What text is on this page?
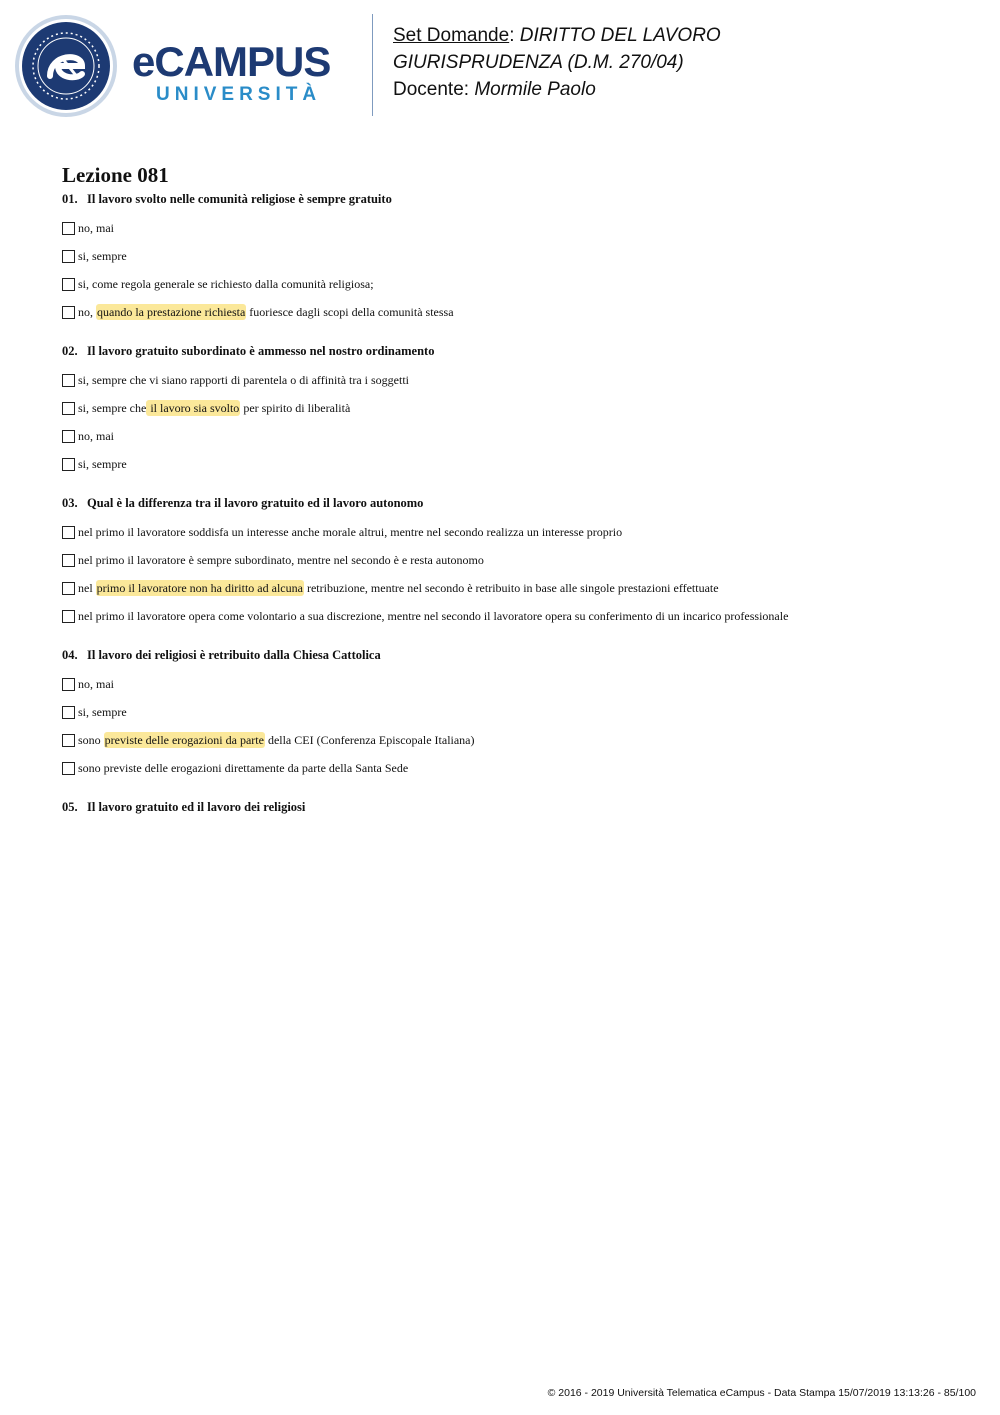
eCAMPUS
UNIVERSITÀ
Set Domande: DIRITTO DEL LAVORO
GIURISPRUDENZA (D.M. 270/04)
Docente: Mormile Paolo
Lezione 081
01. Il lavoro svolto nelle comunità religiose è sempre gratuito
no, mai
si, sempre
si, come regola generale se richiesto dalla comunità religiosa;
no, quando la prestazione richiesta fuoriesce dagli scopi della comunità stessa
02. Il lavoro gratuito subordinato è ammesso nel nostro ordinamento
si, sempre che vi siano rapporti di parentela o di affinità tra i soggetti
si, sempre che il lavoro sia svolto per spirito di liberalità
no, mai
si, sempre
03. Qual è la differenza tra il lavoro gratuito ed il lavoro autonomo
nel primo il lavoratore soddisfa un interesse anche morale altrui, mentre nel secondo realizza un interesse proprio
nel primo il lavoratore è sempre subordinato, mentre nel secondo è e resta autonomo
nel primo il lavoratore non ha diritto ad alcuna retribuzione, mentre nel secondo è retribuito in base alle singole prestazioni effettuate
nel primo il lavoratore opera come volontario a sua discrezione, mentre nel secondo il lavoratore opera su conferimento di un incarico professionale
04. Il lavoro dei religiosi è retribuito dalla Chiesa Cattolica
no, mai
si, sempre
sono previste delle erogazioni da parte della CEI (Conferenza Episcopale Italiana)
sono previste delle erogazioni direttamente da parte della Santa Sede
05. Il lavoro gratuito ed il lavoro dei religiosi
© 2016 - 2019 Università Telematica eCampus - Data Stampa 15/07/2019 13:13:26 - 85/100
